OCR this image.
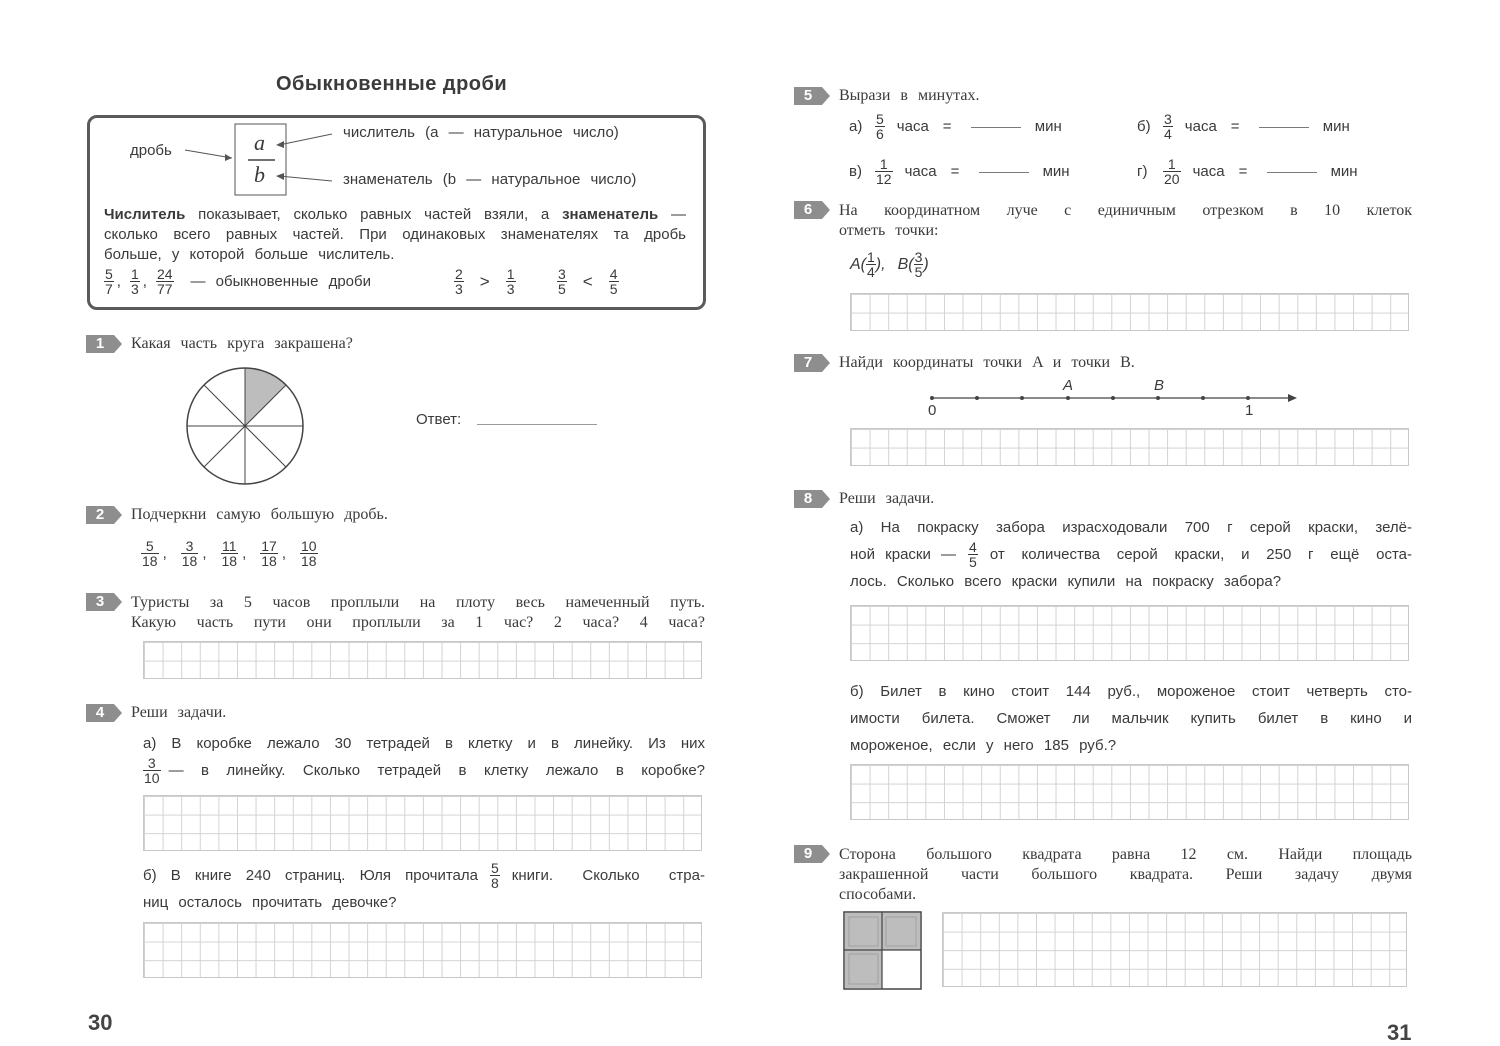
Обыкновенные дроби
дробь	a
b
числитель (a — натуральное число)
знаменатель (b — натуральное число)
Числитель показывает, сколько равных частей взяли, а знаменатель —
сколько всего равных частей. При одинаковых знаменателях та дробь
больше, у которой больше числитель.
$\frac{5}{7}$ , $\frac{1}{3}$ , $\frac{24}{77}$ — обыкновенные дроби	$\frac{2}{3} > \frac{1}{3}$	$\frac{3}{5} < \frac{4}{5}$
1	Какая часть круга закрашена?
Ответ:
2	Подчеркни самую большую дробь.
$\frac{5}{18}$ , $\frac{3}{18}$ , $\frac{11}{18}$ , $\frac{17}{18}$ , $\frac{10}{18}$
3	Туристы за 5 часов проплыли на плоту весь намеченный путь.
Какую часть пути они проплыли за 1 час? 2 часа? 4 часа?
4	Реши задачи.
а) В коробке лежало 30 тетрадей в клетку и в линейку. Из них
$\frac{3}{10}$ — в линейку. Сколько тетрадей в клетку лежало в коробке?
б) В книге 240 страниц. Юля прочитала $\frac{5}{8}$ книги. Сколько стра-
ниц осталось прочитать девочке?
30
5	Вырази в минутах.
$а) \frac{5}{6}$ часа =	мин	$б) \frac{3}{4}$ часа =	мин
$в) \frac{1}{12}$ часа =	мин	г)	$\frac{1}{20}$ часа =	мин
6	На координатном луче с единичным отрезком в 10 клеток
отметь точки:
$A( \frac{1}{4}$ ), $B( \frac{3}{5}$ )
7	Найди координаты точки A и точки B.
A	B
0	1
8	Реши задачи.
а) На покраску забора израсходовали 700 г серой краски, зелё-
ной краски — $\frac{4}{5}$ от количества серой краски, и 250 г ещё оста-
лось. Сколько всего краски купили на покраску забора?
б) Билет в кино стоит 144 руб., мороженое стоит четверть сто-
имости билета. Сможет ли мальчик купить билет в кино и
мороженое, если у него 185 руб.?
9	Сторона большого квадрата равна 12 см. Найди площадь
закрашенной части большого квадрата. Реши задачу двумя
способами.
31
